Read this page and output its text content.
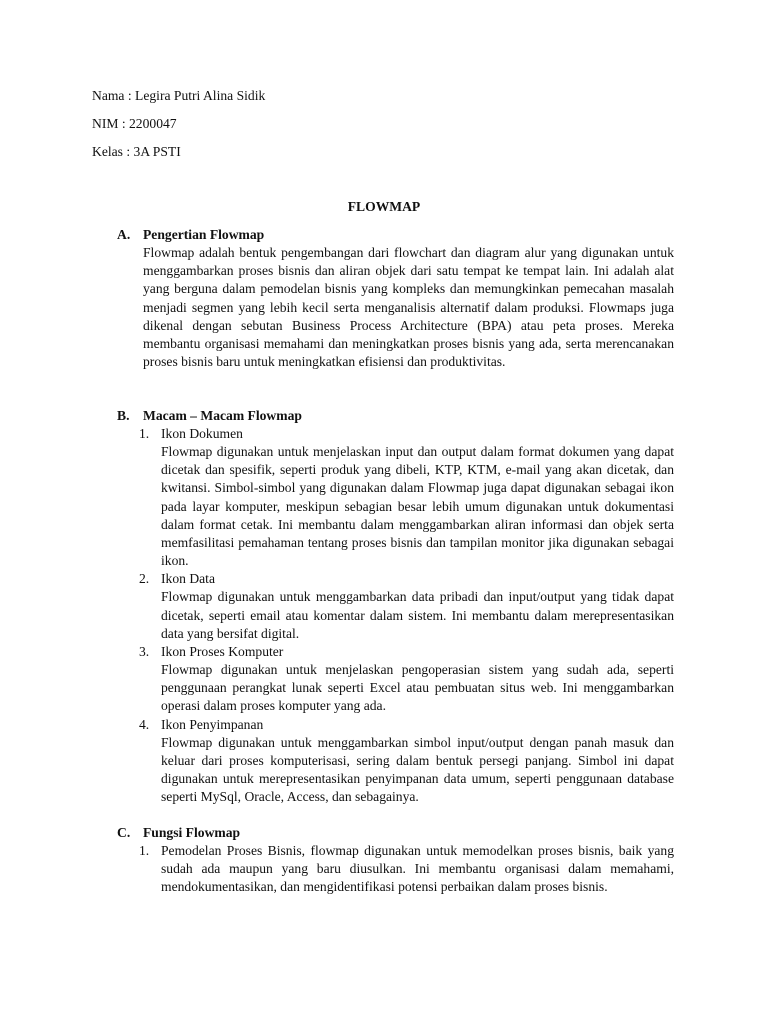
Nama : Legira Putri Alina Sidik
NIM : 2200047
Kelas : 3A PSTI
FLOWMAP
A. Pengertian Flowmap
Flowmap adalah bentuk pengembangan dari flowchart dan diagram alur yang digunakan untuk menggambarkan proses bisnis dan aliran objek dari satu tempat ke tempat lain. Ini adalah alat yang berguna dalam pemodelan bisnis yang kompleks dan memungkinkan pemecahan masalah menjadi segmen yang lebih kecil serta menganalisis alternatif dalam produksi. Flowmaps juga dikenal dengan sebutan Business Process Architecture (BPA) atau peta proses. Mereka membantu organisasi memahami dan meningkatkan proses bisnis yang ada, serta merencanakan proses bisnis baru untuk meningkatkan efisiensi dan produktivitas.
B. Macam – Macam Flowmap
1. Ikon Dokumen
Flowmap digunakan untuk menjelaskan input dan output dalam format dokumen yang dapat dicetak dan spesifik, seperti produk yang dibeli, KTP, KTM, e-mail yang akan dicetak, dan kwitansi. Simbol-simbol yang digunakan dalam Flowmap juga dapat digunakan sebagai ikon pada layar komputer, meskipun sebagian besar lebih umum digunakan untuk dokumentasi dalam format cetak. Ini membantu dalam menggambarkan aliran informasi dan objek serta memfasilitasi pemahaman tentang proses bisnis dan tampilan monitor jika digunakan sebagai ikon.
2. Ikon Data
Flowmap digunakan untuk menggambarkan data pribadi dan input/output yang tidak dapat dicetak, seperti email atau komentar dalam sistem. Ini membantu dalam merepresentasikan data yang bersifat digital.
3. Ikon Proses Komputer
Flowmap digunakan untuk menjelaskan pengoperasian sistem yang sudah ada, seperti penggunaan perangkat lunak seperti Excel atau pembuatan situs web. Ini menggambarkan operasi dalam proses komputer yang ada.
4. Ikon Penyimpanan
Flowmap digunakan untuk menggambarkan simbol input/output dengan panah masuk dan keluar dari proses komputerisasi, sering dalam bentuk persegi panjang. Simbol ini dapat digunakan untuk merepresentasikan penyimpanan data umum, seperti penggunaan database seperti MySql, Oracle, Access, dan sebagainya.
C. Fungsi Flowmap
1. Pemodelan Proses Bisnis, flowmap digunakan untuk memodelkan proses bisnis, baik yang sudah ada maupun yang baru diusulkan. Ini membantu organisasi dalam memahami, mendokumentasikan, dan mengidentifikasi potensi perbaikan dalam proses bisnis.
